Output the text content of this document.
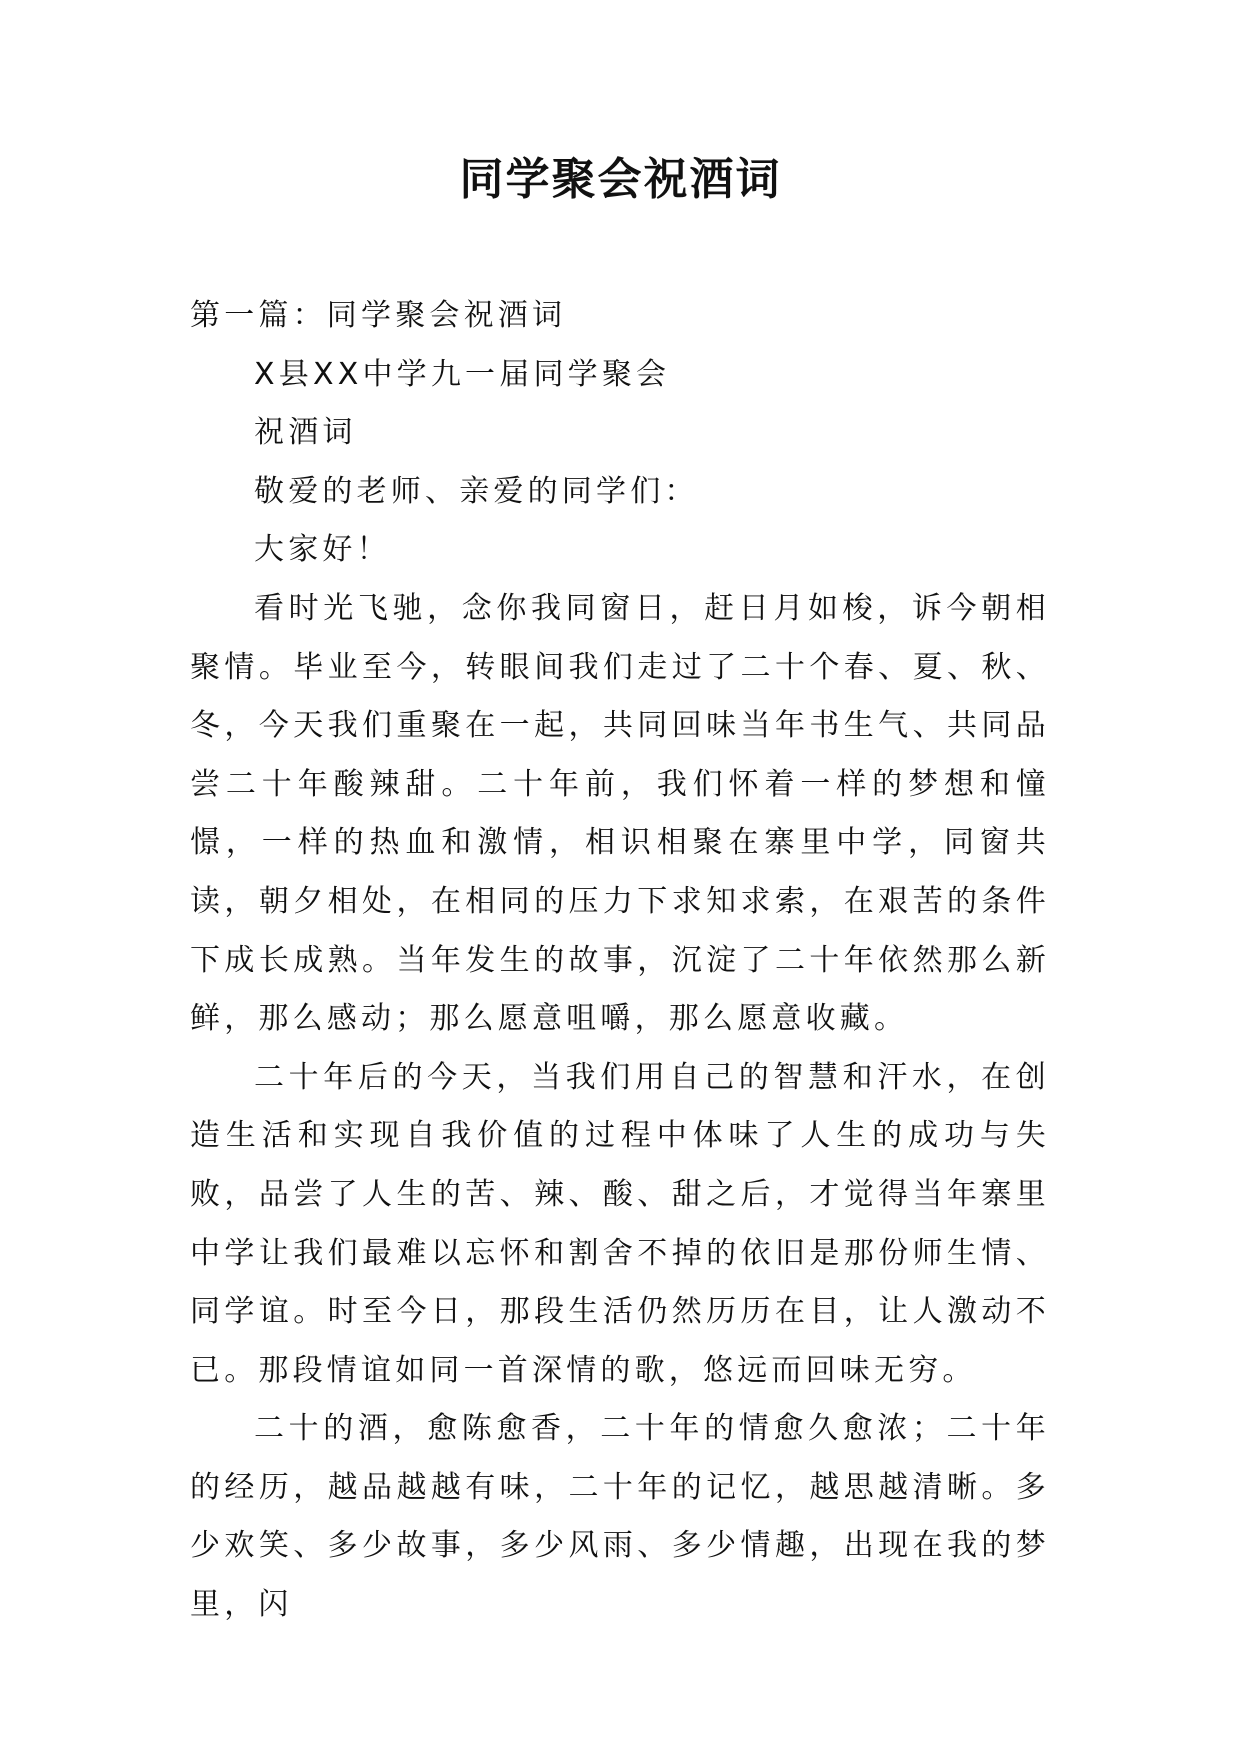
同学聚会祝酒词

第一篇：同学聚会祝酒词

X县XX中学九一届同学聚会

祝酒词

敬爱的老师、亲爱的同学们：

大家好！

看时光飞驰，念你我同窗日，赶日月如梭，诉今朝相聚情。毕业至今，转眼间我们走过了二十个春、夏、秋、冬，今天我们重聚在一起，共同回味当年书生气、共同品尝二十年酸辣甜。二十年前，我们怀着一样的梦想和憧憬，一样的热血和激情，相识相聚在寨里中学，同窗共读，朝夕相处，在相同的压力下求知求索，在艰苦的条件下成长成熟。当年发生的故事，沉淀了二十年依然那么新鲜，那么感动；那么愿意咀嚼，那么愿意收藏。

二十年后的今天，当我们用自己的智慧和汗水，在创造生活和实现自我价值的过程中体味了人生的成功与失败，品尝了人生的苦、辣、酸、甜之后，才觉得当年寨里中学让我们最难以忘怀和割舍不掉的依旧是那份师生情、同学谊。时至今日，那段生活仍然历历在目，让人激动不已。那段情谊如同一首深情的歌，悠远而回味无穷。

二十的酒，愈陈愈香，二十年的情愈久愈浓；二十年的经历，越品越越有味，二十年的记忆，越思越清晰。多少欢笑、多少故事，多少风雨、多少情趣，出现在我的梦里，闪
